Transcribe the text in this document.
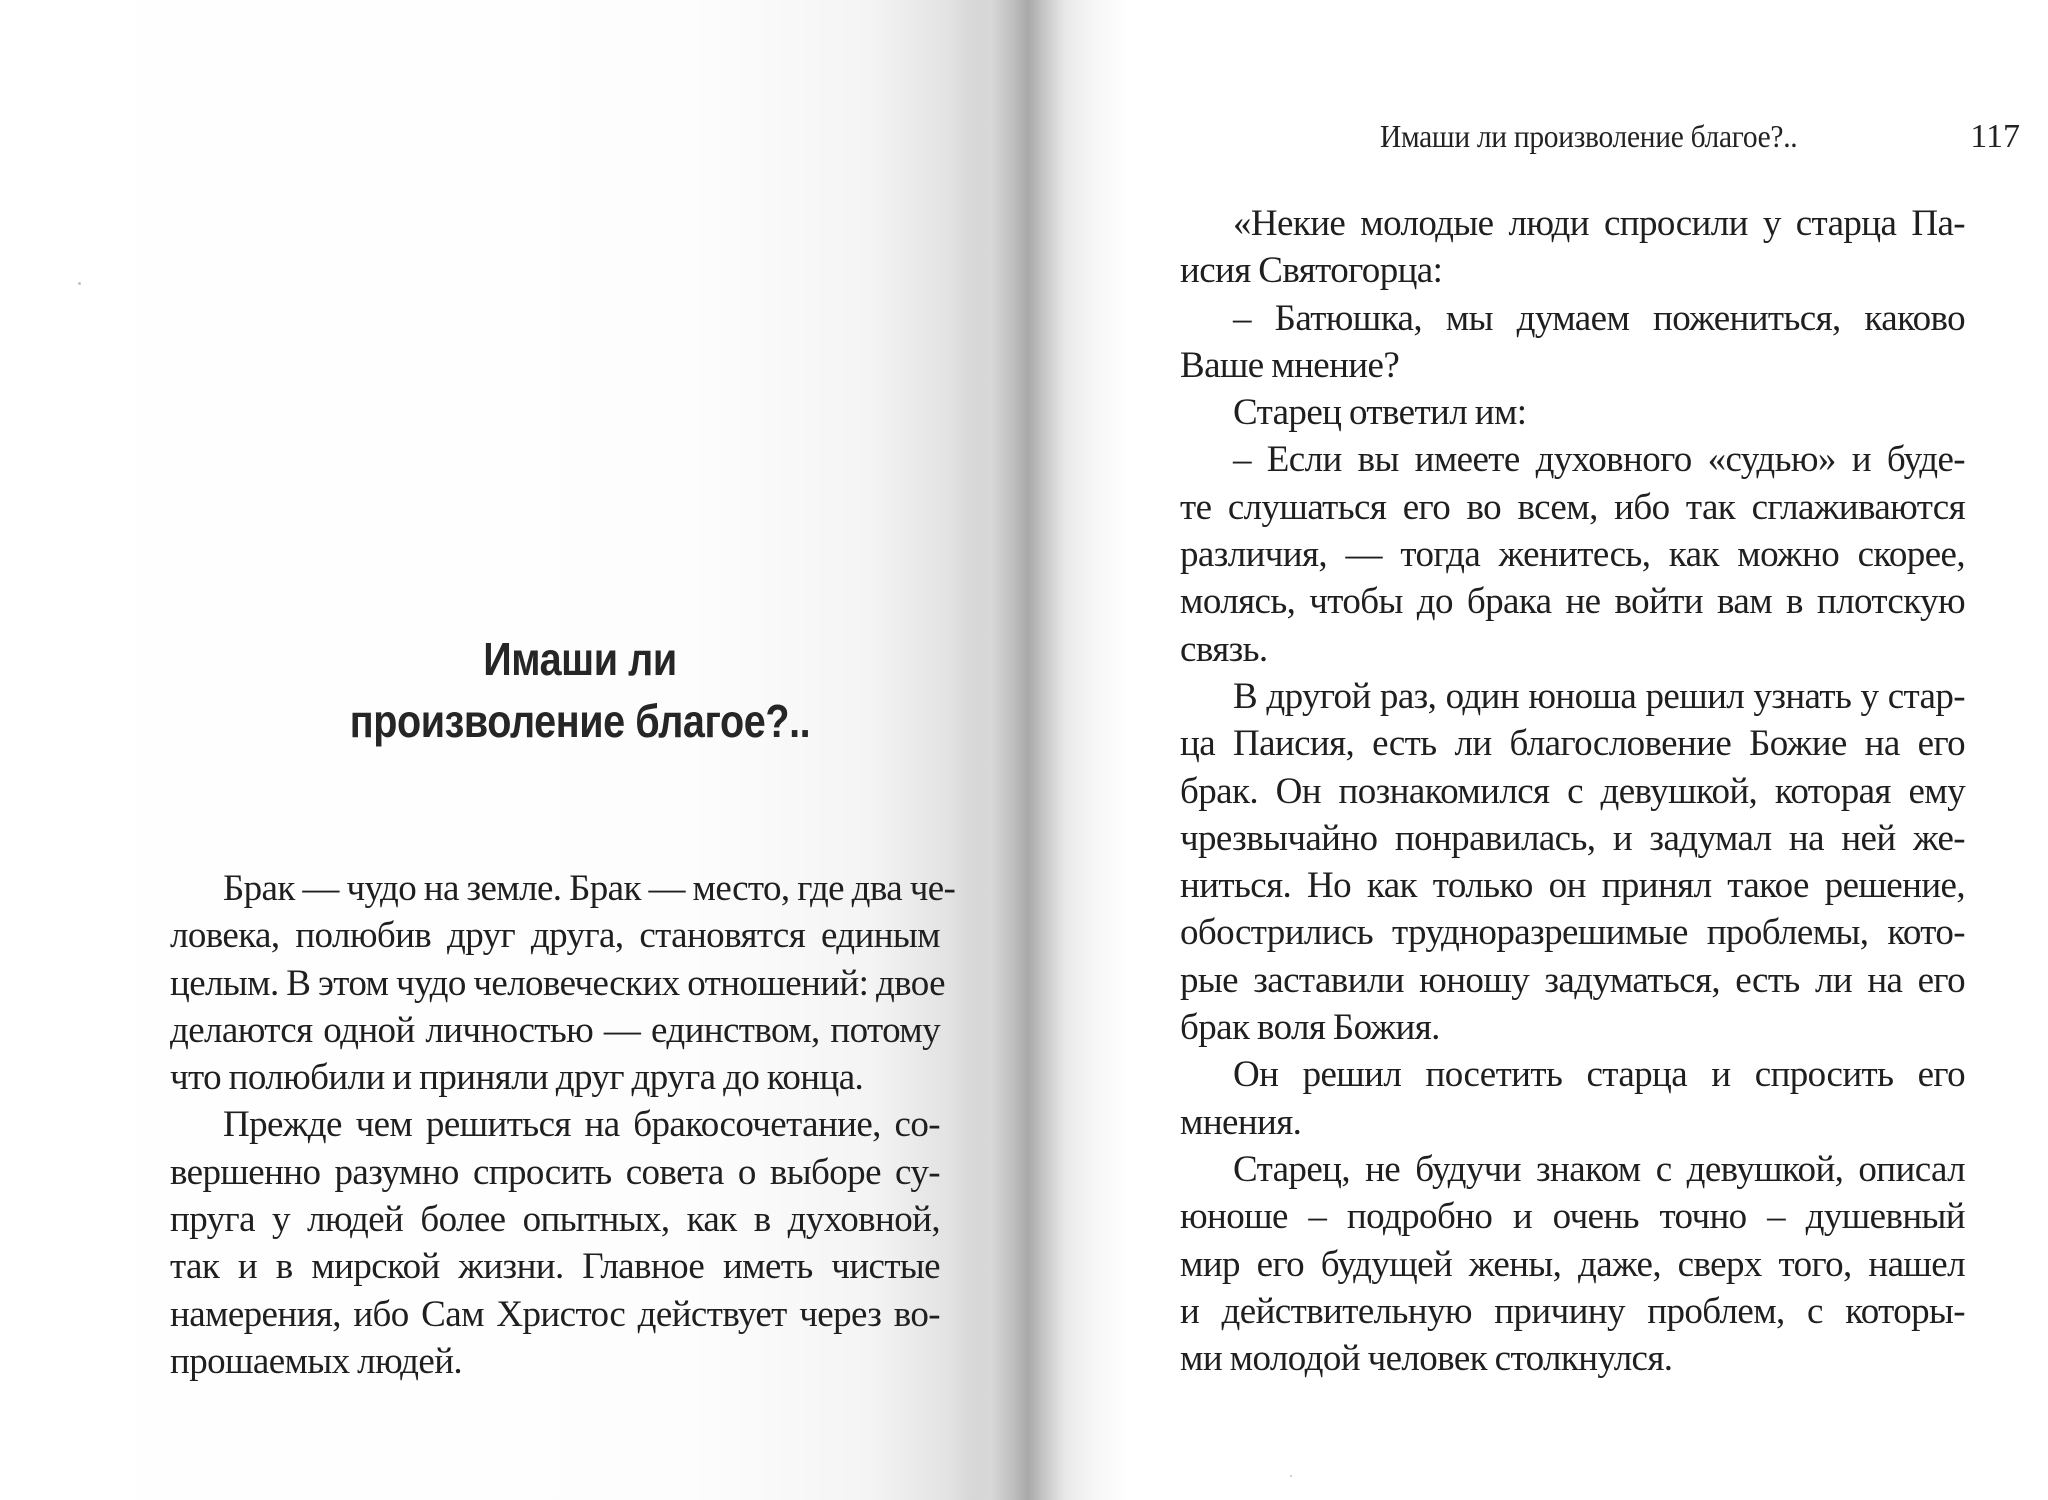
Имаши ли
произволение благое?..
Брак — чудо на земле. Брак — место, где два че-
ловека, полюбив друг друга, становятся единым
целым. В этом чудо человеческих отношений: двое
делаются одной личностью — единством, потому
что полюбили и приняли друг друга до конца.
Прежде чем решиться на бракосочетание, со-
вершенно разумно спросить совета о выборе су-
пруга у людей более опытных, как в духовной,
так и в мирской жизни. Главное иметь чистые
намерения, ибо Сам Христос действует через во-
прошаемых людей.
Имаши ли произволение благое?..	117
«Некие молодые люди спросили у старца Па-
исия Святогорца:
– Батюшка, мы думаем пожениться, каково
Ваше мнение?
Старец ответил им:
– Если вы имеете духовного «судью» и буде-
те слушаться его во всем, ибо так сглаживаются
различия, — тогда женитесь, как можно скорее,
молясь, чтобы до брака не войти вам в плотскую
связь.
В другой раз, один юноша решил узнать у стар-
ца Паисия, есть ли благословение Божие на его
брак. Он познакомился с девушкой, которая ему
чрезвычайно понравилась, и задумал на ней же-
ниться. Но как только он принял такое решение,
обострились трудноразрешимые проблемы, кото-
рые заставили юношу задуматься, есть ли на его
брак воля Божия.
Он решил посетить старца и спросить его
мнения.
Старец, не будучи знаком с девушкой, описал
юноше – подробно и очень точно – душевный
мир его будущей жены, даже, сверх того, нашел
и действительную причину проблем, с которы-
ми молодой человек столкнулся.
